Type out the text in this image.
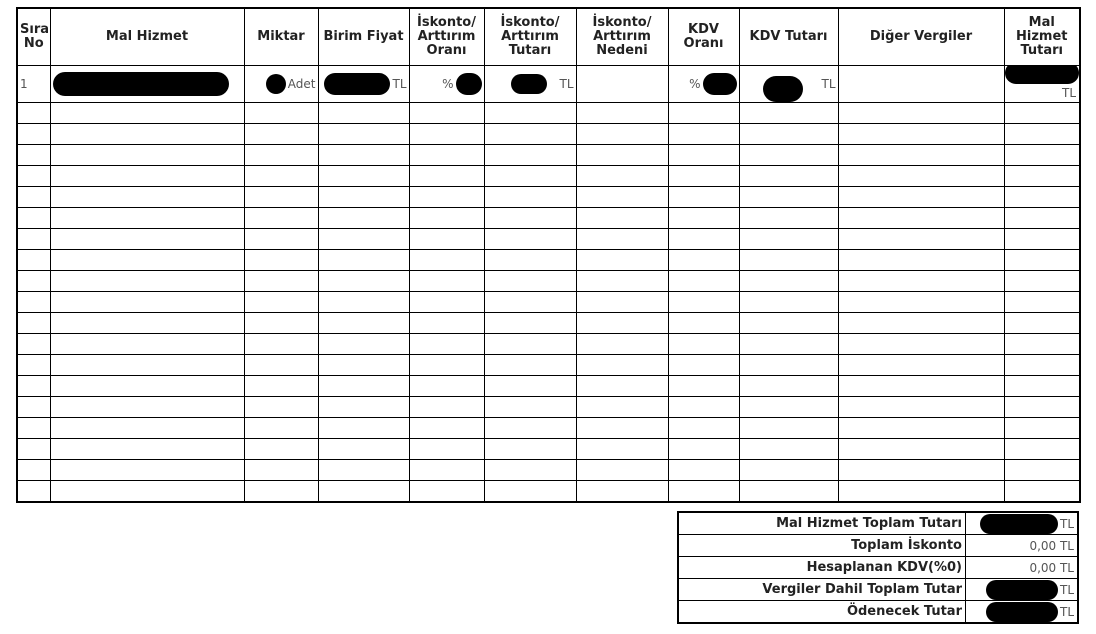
Sıra No	Mal Hizmet	Miktar	Birim Fiyat	İskonto/ Arttırım Oranı	İskonto/ Arttırım Tutarı	İskonto/ Arttırım Nedeni	KDV Oranı	KDV Tutarı	Diğer Vergiler	Mal Hizmet Tutarı
1		Adet	TL	%	TL		%	TL		TL

Mal Hizmet Toplam Tutarı	TL

Toplam İskonto	0,00 TL
Hesaplanan KDV(%0)	0,00 TL
Vergiler Dahil Toplam Tutar	TL

Ödenecek Tutar	TL
